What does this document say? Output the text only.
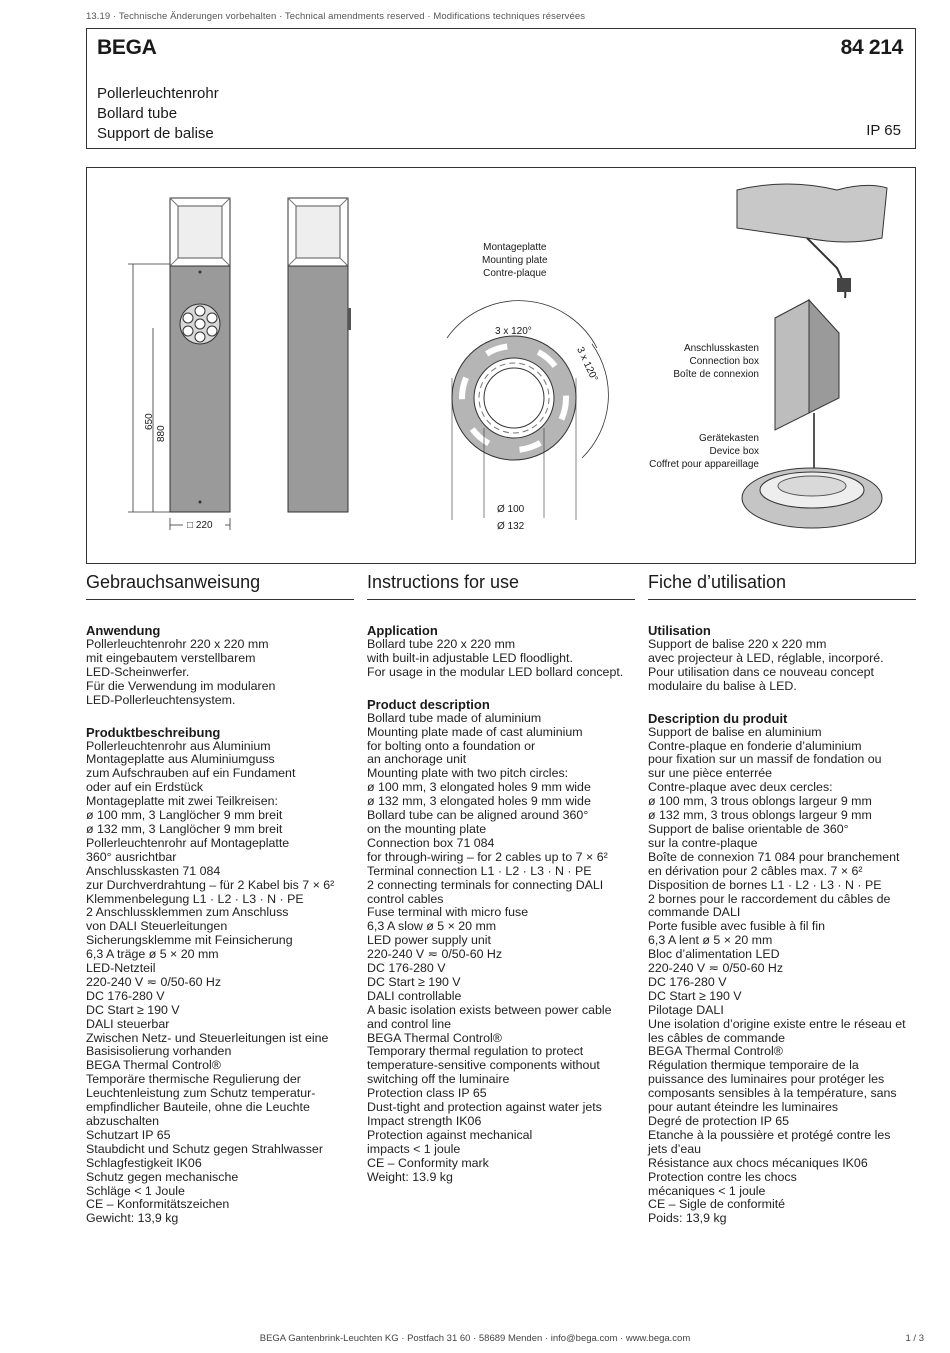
13.19 · Technische Änderungen vorbehalten · Technical amendments reserved · Modifications techniques réservées
BEGA	84 214
Pollerleuchtenrohr
Bollard tube
Support de balise	IP 65
880
650
□ 220
Montageplatte
Mounting plate
Contre-plaque
3 x 120°
3 x 120°
Ø 100
Ø 132
Anschlusskasten
Connection box
Boîte de connexion
Gerätekasten
Device box
Coffret pour appareillage
Gebrauchsanweisung
Anwendung
Pollerleuchtenrohr 220 x 220 mm
mit eingebautem verstellbarem
LED-Scheinwerfer.
Für die Verwendung im modularen
LED-Pollerleuchtensystem.
Produktbeschreibung
Pollerleuchtenrohr aus Aluminium
Montageplatte aus Aluminiumguss
zum Aufschrauben auf ein Fundament
oder auf ein Erdstück
Montageplatte mit zwei Teilkreisen:
ø 100 mm, 3 Langlöcher 9 mm breit
ø 132 mm, 3 Langlöcher 9 mm breit
Pollerleuchtenrohr auf Montageplatte
360° ausrichtbar
Anschlusskasten 71 084
zur Durchverdrahtung – für 2 Kabel bis 7 × 6²
Klemmenbelegung L1 · L2 · L3 · N · PE
2 Anschlussklemmen zum Anschluss
von DALI Steuerleitungen
Sicherungsklemme mit Feinsicherung
6,3 A träge ø 5 × 20 mm
LED-Netzteil
220-240 V ≂ 0/50-60 Hz
DC 176-280 V
DC Start ≥ 190 V
DALI steuerbar
Zwischen Netz- und Steuerleitungen ist eine
Basisisolierung vorhanden
BEGA Thermal Control®
Temporäre thermische Regulierung der
Leuchtenleistung zum Schutz temperatur-
empfindlicher Bauteile, ohne die Leuchte
abzuschalten
Schutzart IP 65
Staubdicht und Schutz gegen Strahlwasser
Schlagfestigkeit IK06
Schutz gegen mechanische
Schläge < 1 Joule
CE – Konformitätszeichen
Gewicht: 13,9 kg
Instructions for use
Application
Bollard tube 220 x 220 mm
with built-in adjustable LED floodlight.
For usage in the modular LED bollard concept.
Product description
Bollard tube made of aluminium
Mounting plate made of cast aluminium
for bolting onto a foundation or
an anchorage unit
Mounting plate with two pitch circles:
ø 100 mm, 3 elongated holes 9 mm wide
ø 132 mm, 3 elongated holes 9 mm wide
Bollard tube can be aligned around 360°
on the mounting plate
Connection box 71 084
for through-wiring – for 2 cables up to 7 × 6²
Terminal connection L1 · L2 · L3 · N · PE
2 connecting terminals for connecting DALI
control cables
Fuse terminal with micro fuse
6,3 A slow ø 5 × 20 mm
LED power supply unit
220-240 V ≂ 0/50-60 Hz
DC 176-280 V
DC Start ≥ 190 V
DALI controllable
A basic isolation exists between power cable
and control line
BEGA Thermal Control®
Temporary thermal regulation to protect
temperature-sensitive components without
switching off the luminaire
Protection class IP 65
Dust-tight and protection against water jets
Impact strength IK06
Protection against mechanical
impacts < 1 joule
CE – Conformity mark
Weight: 13.9 kg
Fiche d’utilisation
Utilisation
Support de balise 220 x 220 mm
avec projecteur à LED, réglable, incorporé.
Pour utilisation dans ce nouveau concept
modulaire du balise à LED.
Description du produit
Support de balise en aluminium
Contre-plaque en fonderie d’aluminium
pour fixation sur un massif de fondation ou
sur une pièce enterrée
Contre-plaque avec deux cercles:
ø 100 mm, 3 trous oblongs largeur 9 mm
ø 132 mm, 3 trous oblongs largeur 9 mm
Support de balise orientable de 360°
sur la contre-plaque
Boîte de connexion 71 084 pour branchement
en dérivation pour 2 câbles max. 7 × 6²
Disposition de bornes L1 · L2 · L3 · N · PE
2 bornes pour le raccordement du câbles de
commande DALI
Porte fusible avec fusible à fil fin
6,3 A lent ø 5 × 20 mm
Bloc d’alimentation LED
220-240 V ≂ 0/50-60 Hz
DC 176-280 V
DC Start ≥ 190 V
Pilotage DALI
Une isolation d’origine existe entre le réseau et
les câbles de commande
BEGA Thermal Control®
Régulation thermique temporaire de la
puissance des luminaires pour protéger les
composants sensibles à la température, sans
pour autant éteindre les luminaires
Degré de protection IP 65
Etanche à la poussière et protégé contre les
jets d’eau
Résistance aux chocs mécaniques IK06
Protection contre les chocs
mécaniques < 1 joule
CE – Sigle de conformité
Poids: 13,9 kg
BEGA Gantenbrink-Leuchten KG · Postfach 31 60 · 58689 Menden · info@bega.com · www.bega.com	1 / 3
